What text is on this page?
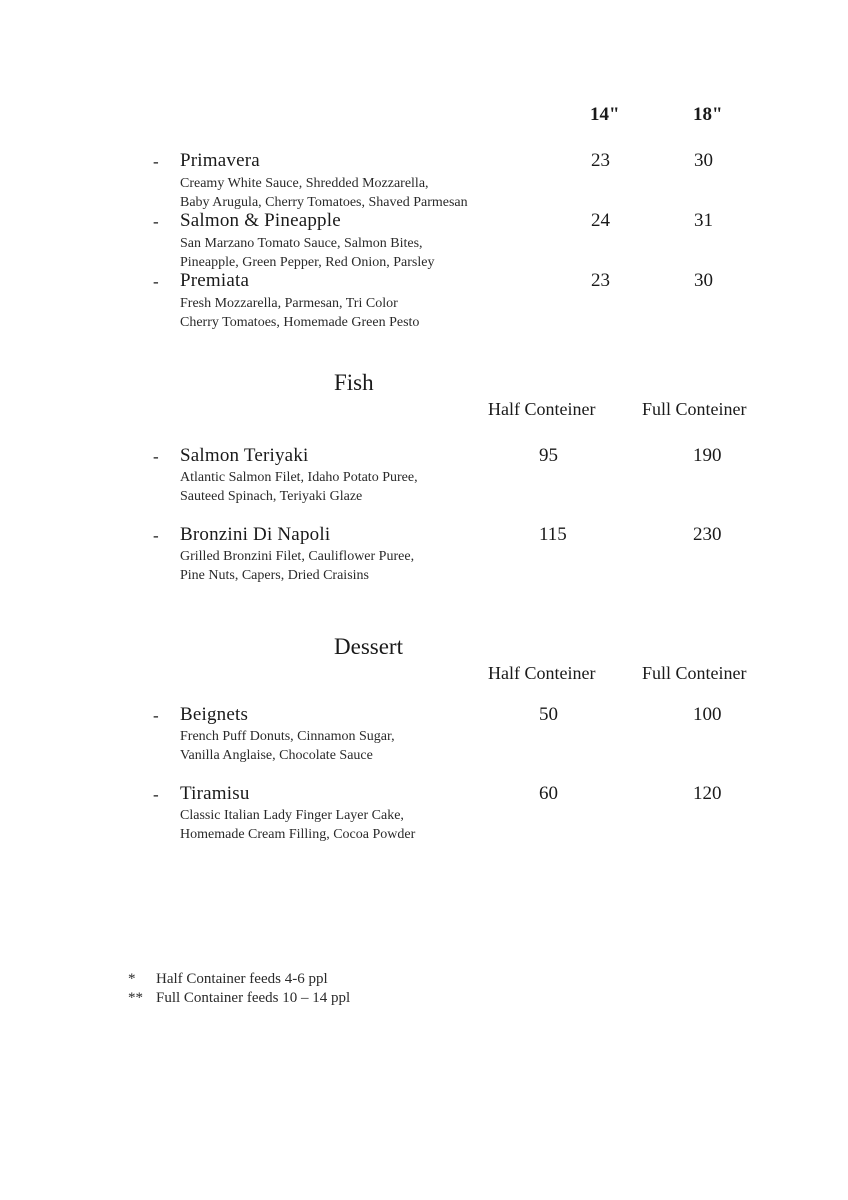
14"	18"
- Primavera
Creamy White Sauce, Shredded Mozzarella,
Baby Arugula, Cherry Tomatoes, Shaved Parmesan
23	30
- Salmon & Pineapple
San Marzano Tomato Sauce, Salmon Bites,
Pineapple, Green Pepper, Red Onion, Parsley
24	31
- Premiata
Fresh Mozzarella, Parmesan, Tri Color
Cherry Tomatoes, Homemade Green Pesto
23	30
Fish
Half Conteiner	Full Conteiner
- Salmon Teriyaki
Atlantic Salmon Filet, Idaho Potato Puree,
Sauteed Spinach, Teriyaki Glaze
95	190
- Bronzini Di Napoli
Grilled Bronzini Filet, Cauliflower Puree,
Pine Nuts, Capers, Dried Craisins
115	230
Dessert
Half Conteiner	Full Conteiner
- Beignets
French Puff Donuts, Cinnamon Sugar,
Vanilla Anglaise, Chocolate Sauce
50	100
- Tiramisu
Classic Italian Lady Finger Layer Cake,
Homemade Cream Filling, Cocoa Powder
60	120
* Half Container feeds 4-6 ppl
** Full Container feeds 10 – 14 ppl
